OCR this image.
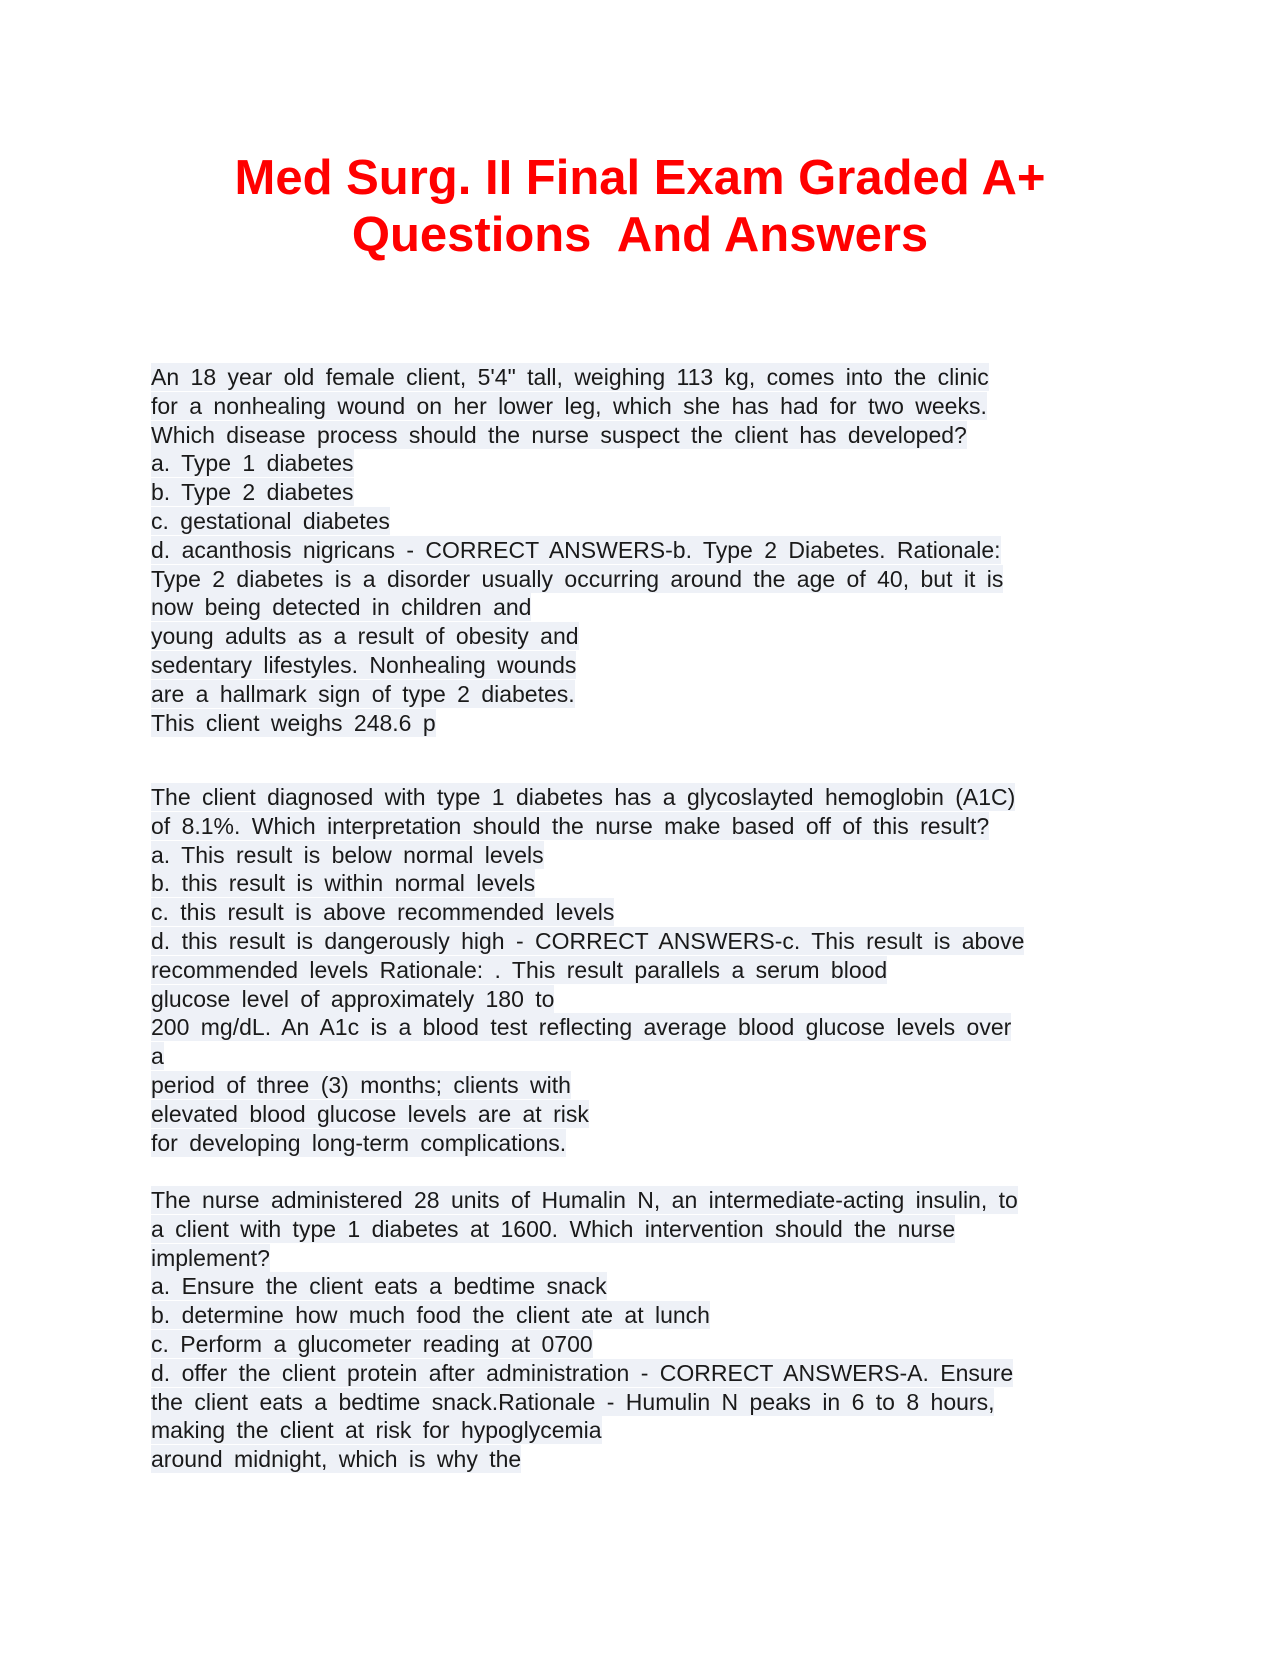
Med Surg. II Final Exam Graded A+
Questions  And Answers
An 18 year old female client, 5'4" tall, weighing 113 kg, comes into the clinic
for a nonhealing wound on her lower leg, which she has had for two weeks.
Which disease process should the nurse suspect the client has developed?
a. Type 1 diabetes
b. Type 2 diabetes
c. gestational diabetes
d. acanthosis nigricans - CORRECT ANSWERS-b. Type 2 Diabetes. Rationale:
Type 2 diabetes is a disorder usually occurring around the age of 40, but it is
now being detected in children and
young adults as a result of obesity and
sedentary lifestyles. Nonhealing wounds
are a hallmark sign of type 2 diabetes.
This client weighs 248.6 p
The client diagnosed with type 1 diabetes has a glycoslayted hemoglobin (A1C)
of 8.1%. Which interpretation should the nurse make based off of this result?
a. This result is below normal levels
b. this result is within normal levels
c. this result is above recommended levels
d. this result is dangerously high - CORRECT ANSWERS-c. This result is above
recommended levels Rationale: . This result parallels a serum blood
glucose level of approximately 180 to
200 mg/dL. An A1c is a blood test reflecting average blood glucose levels over
a
period of three (3) months; clients with
elevated blood glucose levels are at risk
for developing long-term complications.
The nurse administered 28 units of Humalin N, an intermediate-acting insulin, to
a client with type 1 diabetes at 1600. Which intervention should the nurse
implement?
a. Ensure the client eats a bedtime snack
b. determine how much food the client ate at lunch
c. Perform a glucometer reading at 0700
d. offer the client protein after administration - CORRECT ANSWERS-A. Ensure
the client eats a bedtime snack.Rationale - Humulin N peaks in 6 to 8 hours,
making the client at risk for hypoglycemia
around midnight, which is why the
